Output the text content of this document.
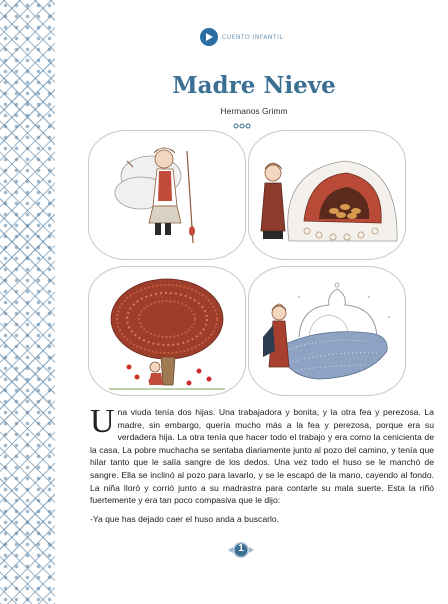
CUENTO INFANTIL
Madre Nieve
Hermanos Grimm
U na viuda tenía dos hijas. Una trabajadora y bonita, y la otra fea y perezosa. La madre, sin embargo, quería mucho más a la fea y perezosa, porque era su verdadera hija. La otra tenía que hacer todo el trabajo y era como la cenicienta de la casa. La pobre muchacha se sentaba diariamente junto al pozo del camino, y tenía que hilar tanto que le salía sangre de los dedos. Una vez todo el huso se le manchó de sangre. Ella se inclinó al pozo para lavarlo, y se le escapó de la mano, cayendo al fondo. La niña lloró y corrió junto a su madrastra para contarle su mala suerte. Esta la riñó fuertemente y era tan poco compasiva que le dijo:

-Ya que has dejado caer el huso anda a buscarlo.

1
